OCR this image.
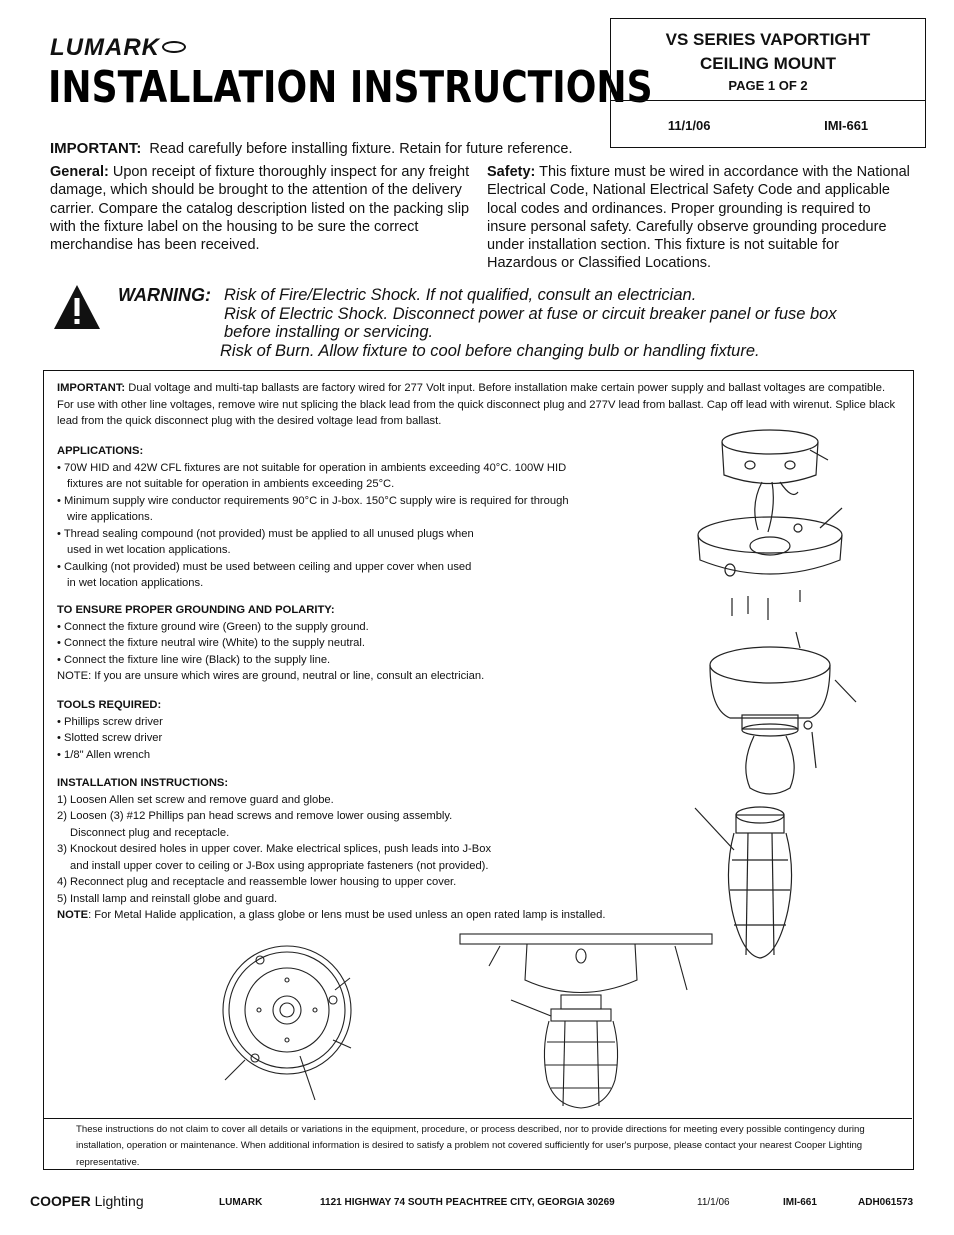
LUMARK
INSTALLATION INSTRUCTIONS
VS SERIES VAPORTIGHT
CEILING MOUNT
PAGE 1 OF 2
11/1/06	IMI-661
IMPORTANT: Read carefully before installing fixture. Retain for future reference.
General: Upon receipt of fixture thoroughly inspect for any freight damage, which should be brought to the attention of the delivery carrier. Compare the catalog description listed on the packing slip with the fixture label on the housing to be sure the correct merchandise has been received.
Safety: This fixture must be wired in accordance with the National Electrical Code, National Electrical Safety Code and applicable local codes and ordinances. Proper grounding is required to insure personal safety. Carefully observe grounding procedure under installation section. This fixture is not suitable for Hazardous or Classified Locations.
WARNING: Risk of Fire/Electric Shock. If not qualified, consult an electrician.
Risk of Electric Shock. Disconnect power at fuse or circuit breaker panel or fuse box
before installing or servicing.
Risk of Burn. Allow fixture to cool before changing bulb or handling fixture.
IMPORTANT: Dual voltage and multi-tap ballasts are factory wired for 277 Volt input. Before installation make certain power supply and ballast voltages are compatible. For use with other line voltages, remove wire nut splicing the black lead from the quick disconnect plug and 277V lead from ballast. Cap off lead with wirenut. Splice black lead from the quick disconnect plug with the desired voltage lead from ballast.
APPLICATIONS:
• 70W HID and 42W CFL fixtures are not suitable for operation in ambients exceeding 40°C. 100W HID
fixtures are not suitable for operation in ambients exceeding 25°C.
• Minimum supply wire conductor requirements 90°C in J-box. 150°C supply wire is required for through
wire applications.
• Thread sealing compound (not provided) must be applied to all unused plugs when
used in wet location applications.
• Caulking (not provided) must be used between ceiling and upper cover when used
in wet location applications.
TO ENSURE PROPER GROUNDING AND POLARITY:
• Connect the fixture ground wire (Green) to the supply ground.
• Connect the fixture neutral wire (White) to the supply neutral.
• Connect the fixture line wire (Black) to the supply line.
NOTE: If you are unsure which wires are ground, neutral or line, consult an electrician.
TOOLS REQUIRED:
• Phillips screw driver
• Slotted screw driver
• 1/8" Allen wrench
INSTALLATION INSTRUCTIONS:
1) Loosen Allen set screw and remove guard and globe.
2) Loosen (3) #12 Phillips pan head screws and remove lower ousing assembly.
Disconnect plug and receptacle.
3) Knockout desired holes in upper cover. Make electrical splices, push leads into J-Box
and install upper cover to ceiling or J-Box using appropriate fasteners (not provided).
4) Reconnect plug and receptacle and reassemble lower housing to upper cover.
5) Install lamp and reinstall globe and guard.
NOTE: For Metal Halide application, a glass globe or lens must be used unless an open rated lamp is installed.
These instructions do not claim to cover all details or variations in the equipment, procedure, or process described, nor to provide directions for meeting every possible contingency during installation, operation or maintenance. When additional information is desired to satisfy a problem not covered sufficiently for user's purpose, please contact your nearest Cooper Lighting representative.
COOPER Lighting	LUMARK	1121 HIGHWAY 74 SOUTH PEACHTREE CITY, GEORGIA 30269	11/1/06	IMI-661	ADH061573
